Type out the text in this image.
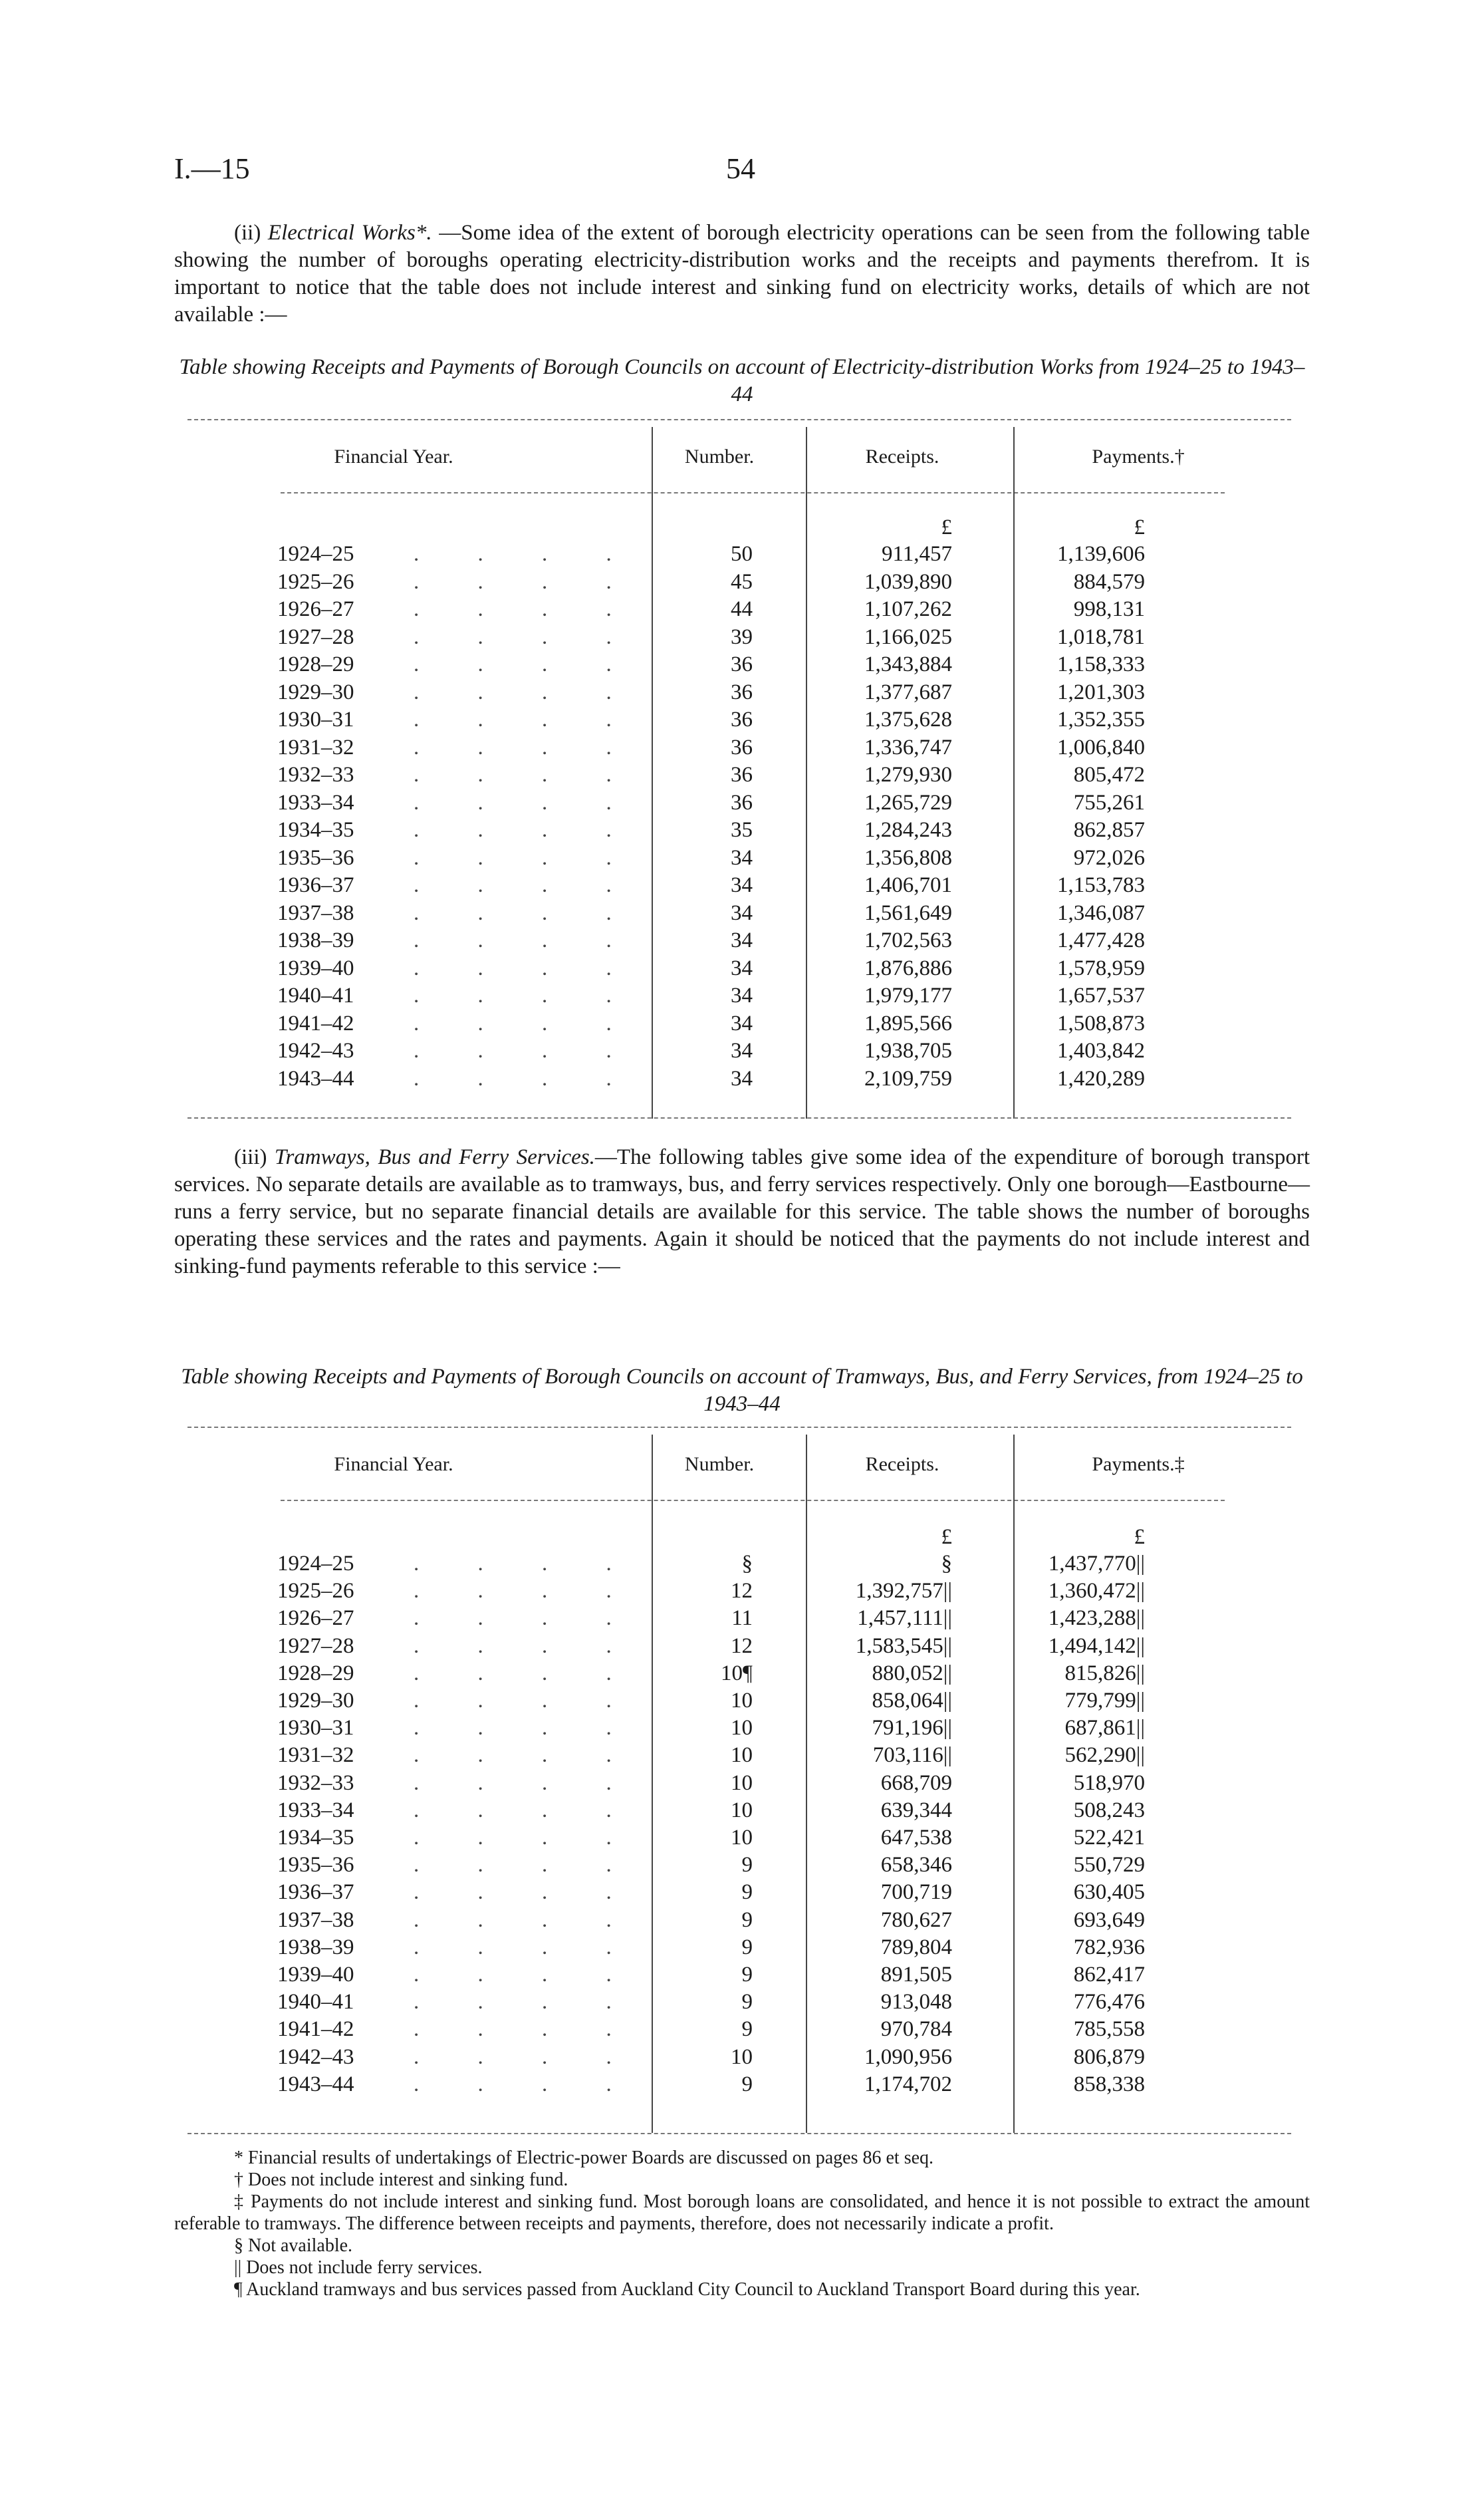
I.—15	54
(ii) Electrical Works*. —Some idea of the extent of borough electricity operations can be seen from the following table showing the number of boroughs operating electricity-distribution works and the receipts and payments therefrom. It is important to notice that the table does not include interest and sinking fund on electricity works, details of which are not available :—
Table showing Receipts and Payments of Borough Councils on account of Electricity-distribution Works from 1924–25 to 1943–44
Financial Year.	Number.	Receipts.	Payments.†
£	£
1924–25	. . . .	50	911,457	1,139,606
1925–26	. . . .	45	1,039,890	884,579
1926–27	. . . .	44	1,107,262	998,131
1927–28	. . . .	39	1,166,025	1,018,781
1928–29	. . . .	36	1,343,884	1,158,333
1929–30	. . . .	36	1,377,687	1,201,303
1930–31	. . . .	36	1,375,628	1,352,355
1931–32	. . . .	36	1,336,747	1,006,840
1932–33	. . . .	36	1,279,930	805,472
1933–34	. . . .	36	1,265,729	755,261
1934–35	. . . .	35	1,284,243	862,857
1935–36	. . . .	34	1,356,808	972,026
1936–37	. . . .	34	1,406,701	1,153,783
1937–38	. . . .	34	1,561,649	1,346,087
1938–39	. . . .	34	1,702,563	1,477,428
1939–40	. . . .	34	1,876,886	1,578,959
1940–41	. . . .	34	1,979,177	1,657,537
1941–42	. . . .	34	1,895,566	1,508,873
1942–43	. . . .	34	1,938,705	1,403,842
1943–44	. . . .	34	2,109,759	1,420,289
(iii) Tramways, Bus and Ferry Services.—The following tables give some idea of the expenditure of borough transport services. No separate details are available as to tramways, bus, and ferry services respectively. Only one borough—Eastbourne—runs a ferry service, but no separate financial details are available for this service. The table shows the number of boroughs operating these services and the rates and payments. Again it should be noticed that the payments do not include interest and sinking-fund payments referable to this service :—
Table showing Receipts and Payments of Borough Councils on account of Tramways, Bus, and Ferry Services, from 1924–25 to 1943–44
Financial Year.	Number.	Receipts.	Payments.‡
£	£
1924–25	. . . .	§	§	1,437,770||
1925–26	. . . .	12	1,392,757||	1,360,472||
1926–27	. . . .	11	1,457,111||	1,423,288||
1927–28	. . . .	12	1,583,545||	1,494,142||
1928–29	. . . .	10¶	880,052||	815,826||
1929–30	. . . .	10	858,064||	779,799||
1930–31	. . . .	10	791,196||	687,861||
1931–32	. . . .	10	703,116||	562,290||
1932–33	. . . .	10	668,709	518,970
1933–34	. . . .	10	639,344	508,243
1934–35	. . . .	10	647,538	522,421
1935–36	. . . .	9	658,346	550,729
1936–37	. . . .	9	700,719	630,405
1937–38	. . . .	9	780,627	693,649
1938–39	. . . .	9	789,804	782,936
1939–40	. . . .	9	891,505	862,417
1940–41	. . . .	9	913,048	776,476
1941–42	. . . .	9	970,784	785,558
1942–43	. . . .	10	1,090,956	806,879
1943–44	. . . .	9	1,174,702	858,338

* Financial results of undertakings of Electric-power Boards are discussed on pages 86 et seq.

† Does not include interest and sinking fund.

‡ Payments do not include interest and sinking fund. Most borough loans are consolidated, and hence it is not possible to extract the amount referable to tramways. The difference between receipts and payments, therefore, does not necessarily indicate a profit.

§ Not available.

|| Does not include ferry services.

¶ Auckland tramways and bus services passed from Auckland City Council to Auckland Transport Board during this year.
